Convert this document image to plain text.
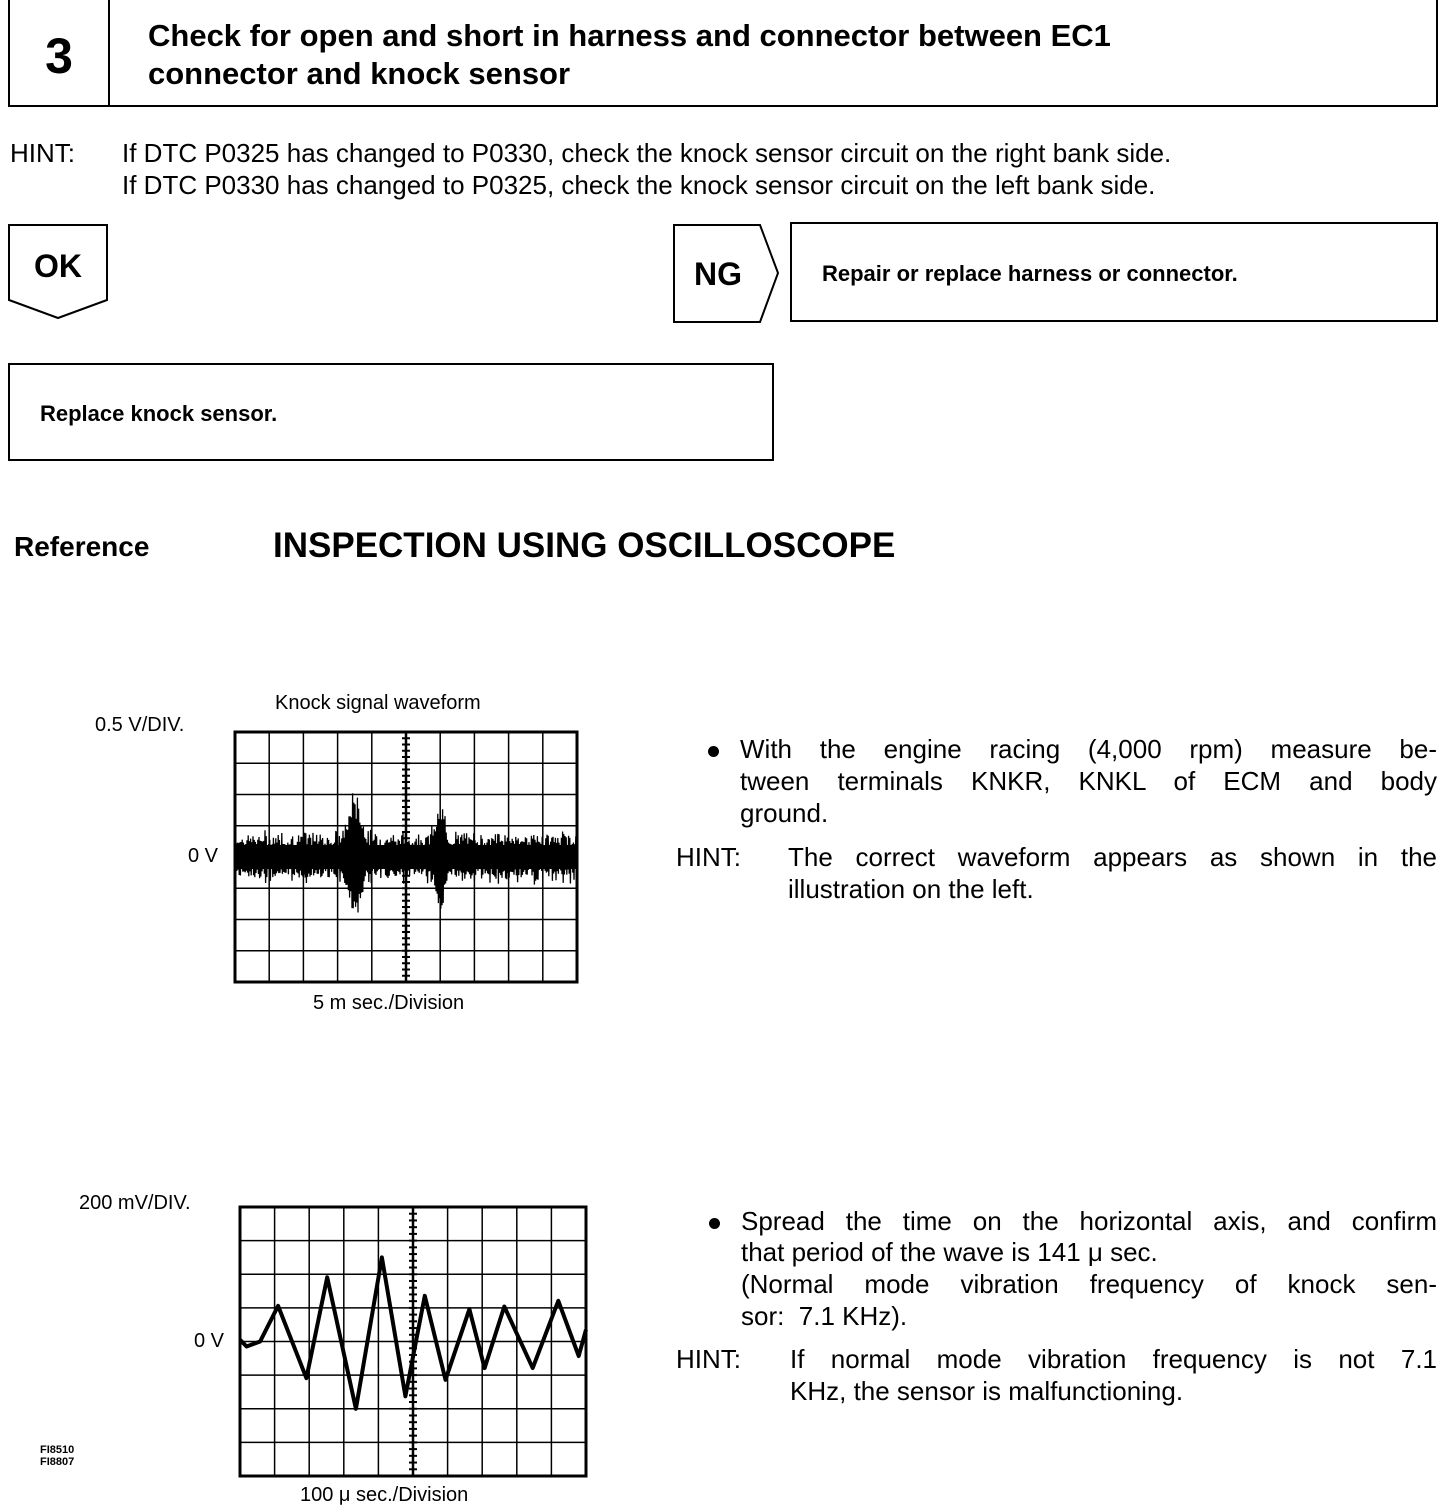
3	Check for open and short in harness and connector between EC1
connector and knock sensor
HINT: If DTC P0325 has changed to P0330, check the knock sensor circuit on the right bank side.
If DTC P0330 has changed to P0325, check the knock sensor circuit on the left bank side.
OK	NG	Repair or replace harness or connector.
Replace knock sensor.
Reference	INSPECTION USING OSCILLOSCOPE
Knock signal waveform
0.5 V/DIV.
0 V
5 m sec./Division
With the engine racing (4,000 rpm) measure be-
tween terminals KNKR, KNKL of ECM and body
ground.
HINT: The correct waveform appears as shown in the
illustration on the left.
200 mV/DIV.
0 V
100 μ sec./Division
FI8510
FI8807
Spread the time on the horizontal axis, and confirm
that period of the wave is 141 μ sec.
(Normal mode vibration frequency of knock sen-
sor:  7.1 KHz).
HINT: If normal mode vibration frequency is not 7.1
KHz, the sensor is malfunctioning.
